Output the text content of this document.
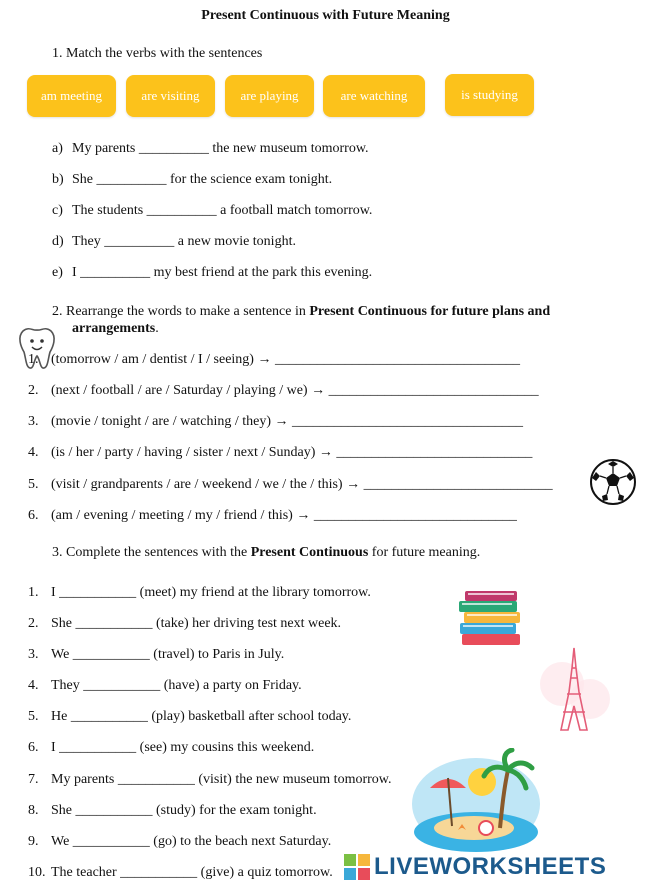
Present Continuous with Future Meaning
1. Match the verbs with the sentences
am meeting	are visiting	are playing	are watching	is studying
a) My parents __________ the new museum tomorrow.
b) She __________ for the science exam tonight.
c) The students __________ a football match tomorrow.
d) They __________ a new movie tonight.
e) I __________ my best friend at the park this evening.
2. Rearrange the words to make a sentence in Present Continuous for future plans and
arrangements.
1. (tomorrow / am / dentist / I / seeing) → ___________________________________
2. (next / football / are / Saturday / playing / we) → ______________________________
3. (movie / tonight / are / watching / they) → _________________________________
4. (is / her / party / having / sister / next / Sunday) → ____________________________
5. (visit / grandparents / are / weekend / we / the / this) → ___________________________
6. (am / evening / meeting / my / friend / this) → _____________________________
3. Complete the sentences with the Present Continuous for future meaning.
1. I ___________ (meet) my friend at the library tomorrow.
2. She ___________ (take) her driving test next week.
3. We ___________ (travel) to Paris in July.
4. They ___________ (have) a party on Friday.
5. He ___________ (play) basketball after school today.
6. I ___________ (see) my cousins this weekend.
7. My parents ___________ (visit) the new museum tomorrow.
8. She ___________ (study) for the exam tonight.
9. We ___________ (go) to the beach next Saturday.
10. The teacher ___________ (give) a quiz tomorrow. LIVEWORKSHEETS
